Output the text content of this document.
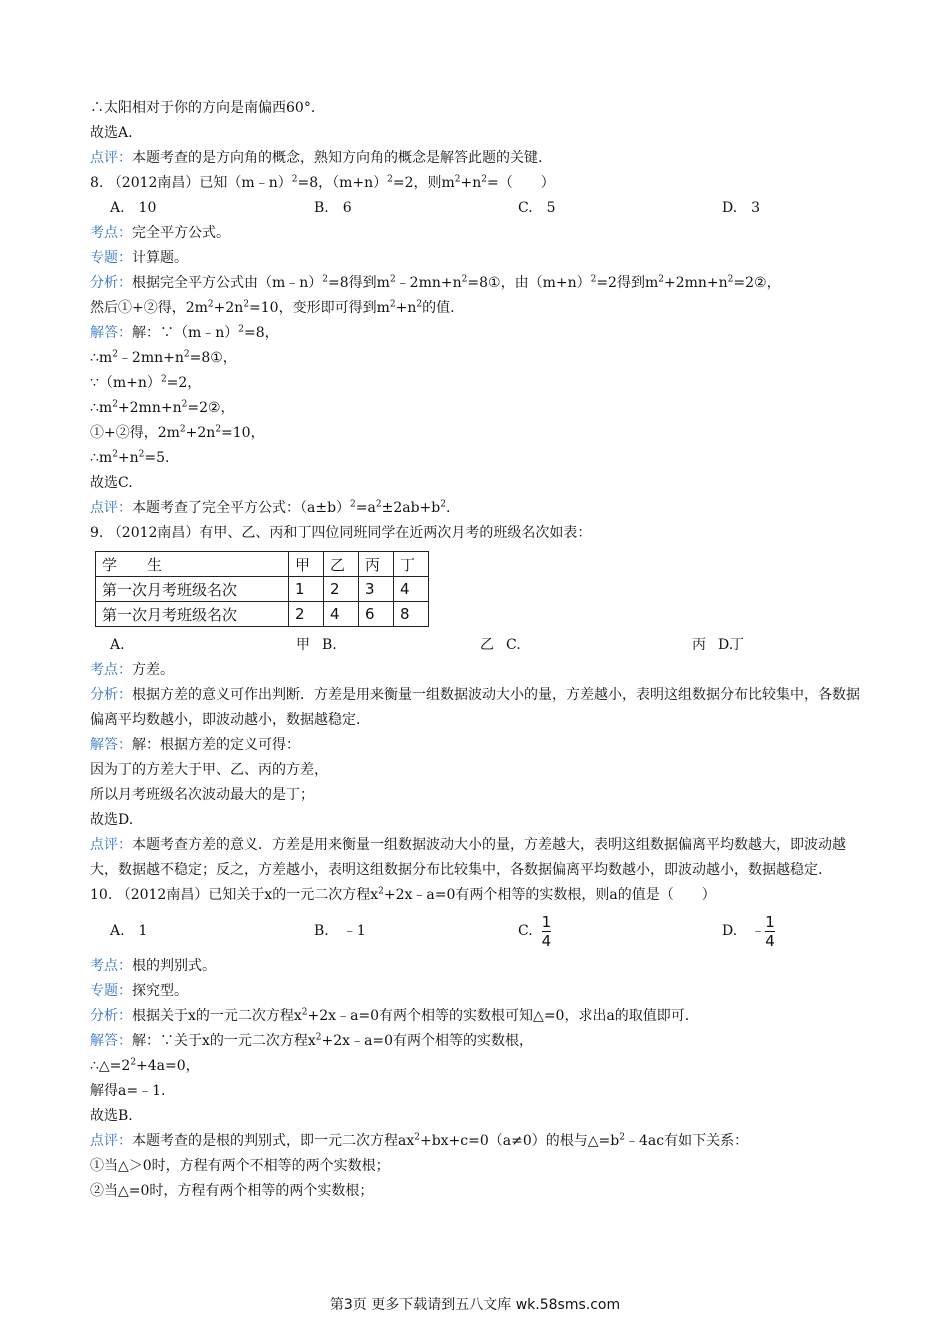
∴太阳相对于你的方向是南偏西60°.
故选A.
点评：本题考查的是方向角的概念，熟知方向角的概念是解答此题的关键.
8. （2012南昌）已知（m﹣n）$^2$=8，$(m+n)^2=2$，则$m^2+n^2=$（　　）
A.　10	B.　6	C.　5	D.　3
考点：完全平方公式。
专题：计算题。
分析：根据完全平方公式由（m﹣n）$^2$=8得到$m^2﹣2mn+n^2=8①$，由$(m+n)^2=2$得到$m^2+2mn+n^2=2②$，
然后①+②得，$2m^2+2n^2=10$，变形即可得到$m^2+n^2$的值.
解答：解：∵（m﹣n）$^2$=8，
$\therefore m^2﹣2mn+n^2=8①$，
$\because(m+n)^2=2$，
$\therefore m^2+2mn+n^2=2②$，
①+②得，$2m^2+2n^2=10$，
$\therefore m^2+n^2=5$.
故选C.
点评：本题考查了完全平方公式：$(a\pm b)^2=a^2\pm 2ab+b^2$.
9. （2012南昌）有甲、乙、丙和丁四位同班同学在近两次月考的班级名次如表：
学　　生	甲	乙	丙	丁
第一次月考班级名次	1	2	3	4
第一次月考班级名次	2	4	6	8
A.	甲 B.	乙 C.	丙 D.
丁
考点：方差。
分析：根据方差的意义可作出判断．方差是用来衡量一组数据波动大小的量，方差越小，表明这组数据分布比较集中，各数据偏离平均数越小，即波动越小，数据越稳定.
解答：解：根据方差的定义可得：
因为丁的方差大于甲、乙、丙的方差，
所以月考班级名次波动最大的是丁；
故选D.
点评：本题考查方差的意义．方差是用来衡量一组数据波动大小的量，方差越大，表明这组数据偏离平均数越大，即波动越大，数据越不稳定；反之，方差越小，表明这组数据分布比较集中，各数据偏离平均数越小，即波动越小，数据越稳定.
10. （2012南昌）已知关于x的一元二次方程$x^2+2x﹣a=0$有两个相等的实数根，则a的值是（　　）
A.　1	B.　﹣1	C. $\frac{1}{4}$	D.　$﹣\frac{1}{4}$
考点：根的判别式。
专题：探究型。
分析：根据关于x的一元二次方程$x^2+2x﹣a=0$有两个相等的实数根可知△=0，求出a的取值即可.
解答：解：∵关于x的一元二次方程$x^2+2x﹣a=0$有两个相等的实数根，
$\therefore\triangle=2^2+4a=0$，
解得a=﹣1.
故选B.
点评：本题考查的是根的判别式，即一元二次方程$ax^2+bx+c=0(a\ne 0)$的根与$\triangle=b^2﹣4ac$有如下关系：
①当△＞0时，方程有两个不相等的两个实数根；
②当△=0时，方程有两个相等的两个实数根；
第3页 更多下载请到五八文库 wk.58sms.com
